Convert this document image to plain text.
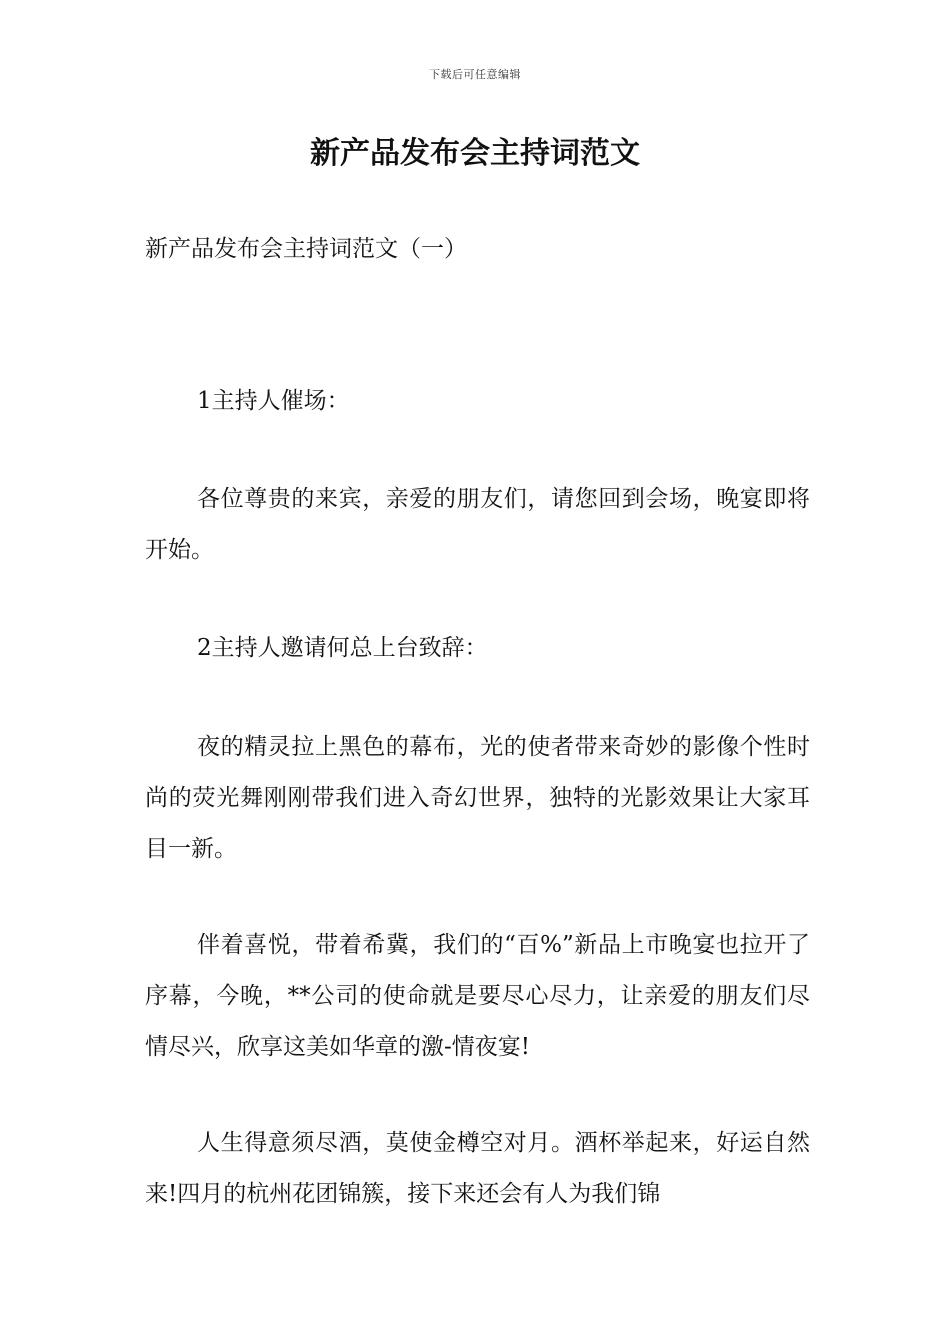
下载后可任意编辑
新产品发布会主持词范文
新产品发布会主持词范文（一）
1主持人催场：
各位尊贵的来宾，亲爱的朋友们，请您回到会场，晚宴即将开始。
2主持人邀请何总上台致辞：
夜的精灵拉上黑色的幕布，光的使者带来奇妙的影像个性时尚的荧光舞刚刚带我们进入奇幻世界，独特的光影效果让大家耳目一新。
伴着喜悦，带着希冀，我们的“百%”新品上市晚宴也拉开了序幕，今晚，**公司的使命就是要尽心尽力，让亲爱的朋友们尽情尽兴，欣享这美如华章的激-情夜宴!
人生得意须尽酒，莫使金樽空对月。酒杯举起来，好运自然来!四月的杭州花团锦簇，接下来还会有人为我们锦
